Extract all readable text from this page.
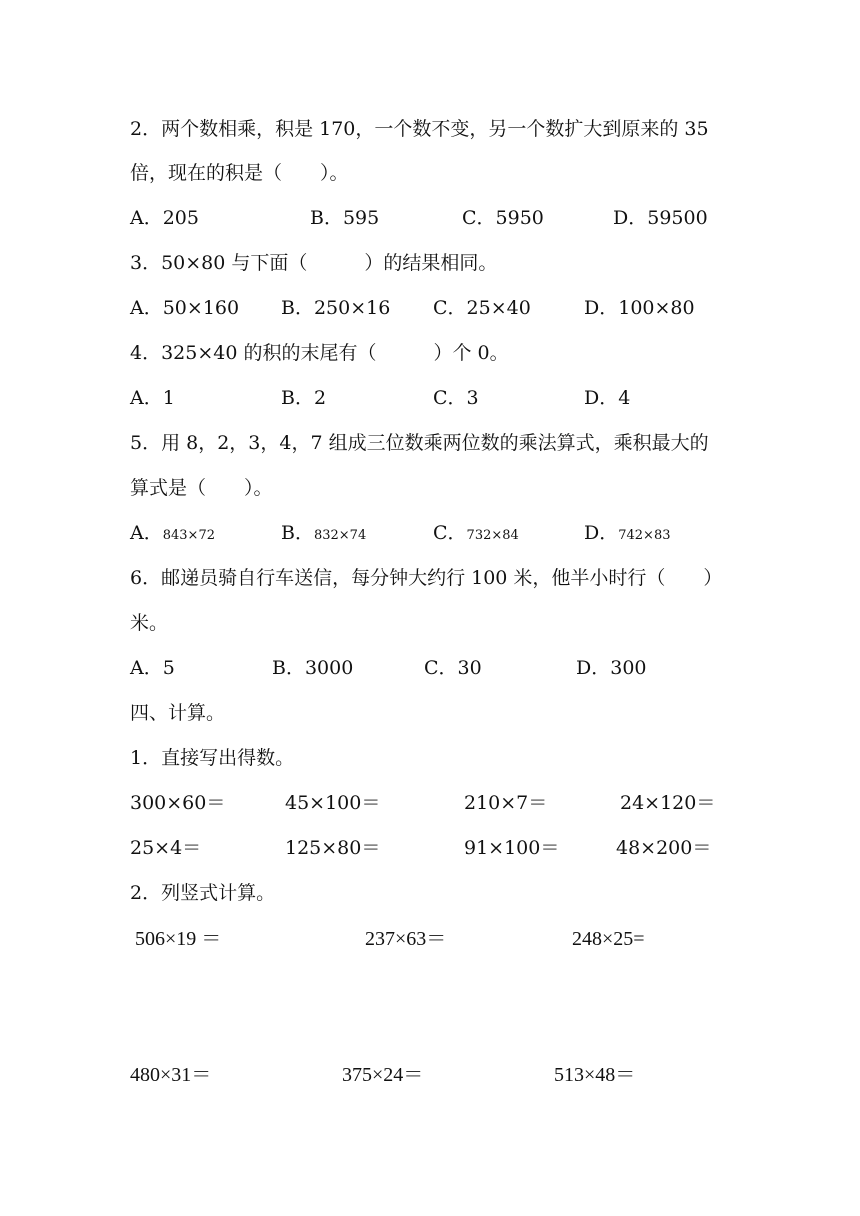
2．两个数相乘，积是 170，一个数不变，另一个数扩大到原来的 35
倍，现在的积是（　　）。
A．205	B．595	C．5950	D．59500
3．50×80 与下面（　　　）的结果相同。
A．50×160 B．250×16 C．25×40	D．100×80
4．325×40 的积的末尾有（　　　）个 0。
A．1	B．2	C．3	D．4
5．用 8，2，3，4，7 组成三位数乘两位数的乘法算式，乘积最大的
算式是（　　）。
A．843×72	B．832×74	C．732×84	D．742×83
6．邮递员骑自行车送信，每分钟大约行 100 米，他半小时行（　　）
米。
A．5	B．3000	C．30	D．300
四、计算。
1．直接写出得数。
300×60＝	45×100＝	210×7＝	24×120＝
25×4＝	125×80＝	91×100＝	48×200＝
2．列竖式计算。
506×19 ＝	237×63＝	248×25=
480×31＝	375×24＝	513×48＝
